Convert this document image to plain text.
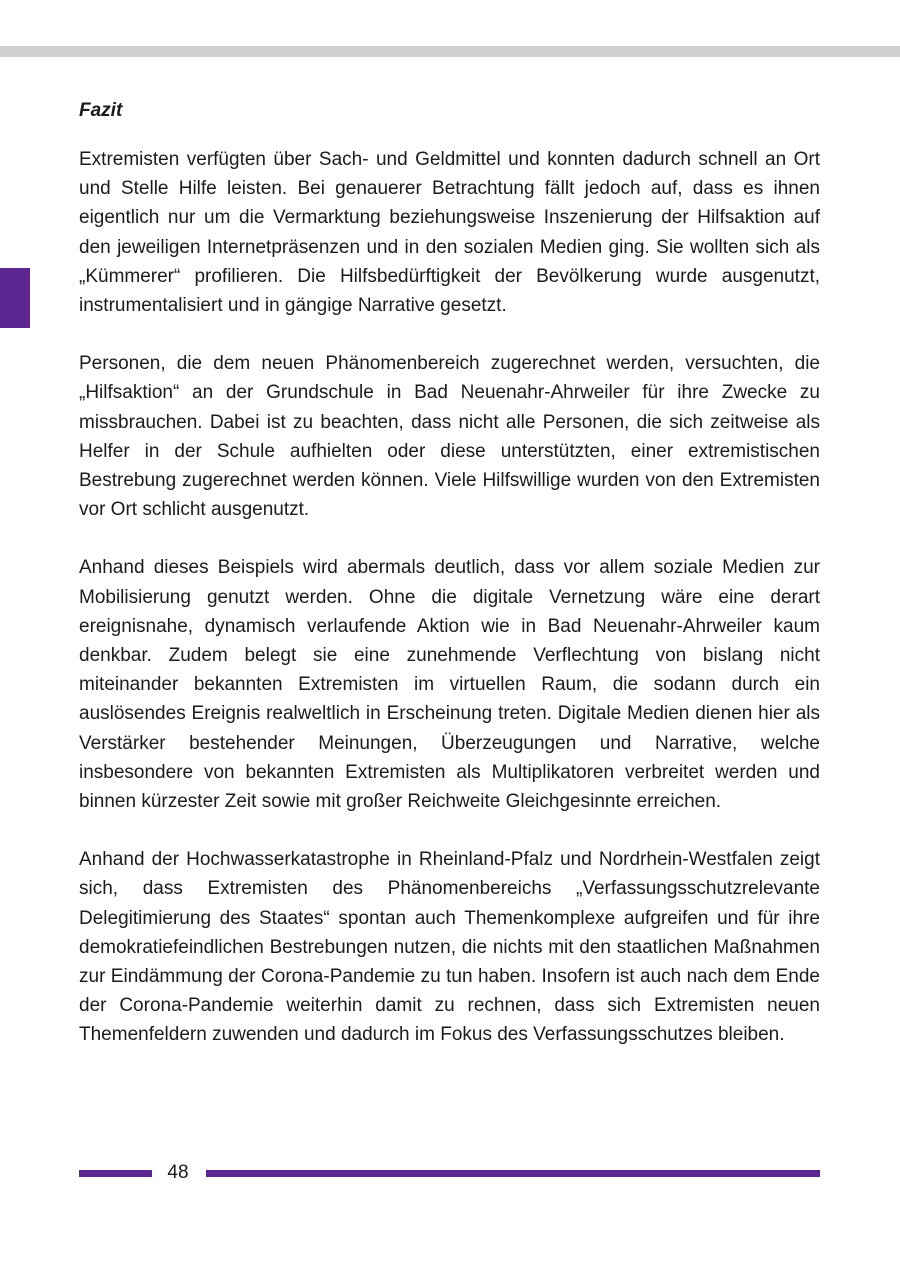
Fazit

Extremisten verfügten über Sach- und Geldmittel und konnten dadurch schnell an Ort und Stelle Hilfe leisten. Bei genauerer Betrachtung fällt jedoch auf, dass es ihnen eigentlich nur um die Vermarktung beziehungsweise Inszenierung der Hilfsaktion auf den jeweiligen Internetpräsenzen und in den sozialen Medien ging. Sie wollten sich als „Kümmerer“ profilieren. Die Hilfsbedürftigkeit der Bevölkerung wurde ausgenutzt, instrumentalisiert und in gängige Narrative gesetzt.

Personen, die dem neuen Phänomenbereich zugerechnet werden, versuchten, die „Hilfsaktion“ an der Grundschule in Bad Neuenahr-Ahrweiler für ihre Zwecke zu missbrauchen. Dabei ist zu beachten, dass nicht alle Personen, die sich zeitweise als Helfer in der Schule aufhielten oder diese unterstützten, einer extremistischen Bestrebung zugerechnet werden können. Viele Hilfswillige wurden von den Extremisten vor Ort schlicht ausgenutzt.

Anhand dieses Beispiels wird abermals deutlich, dass vor allem soziale Medien zur Mobilisierung genutzt werden. Ohne die digitale Vernetzung wäre eine derart ereignisnahe, dynamisch verlaufende Aktion wie in Bad Neuenahr-Ahrweiler kaum denkbar. Zudem belegt sie eine zunehmende Verflechtung von bislang nicht miteinander bekannten Extremisten im virtuellen Raum, die sodann durch ein auslösendes Ereignis realweltlich in Erscheinung treten. Digitale Medien dienen hier als Verstärker bestehender Meinungen, Überzeugungen und Narrative, welche insbesondere von bekannten Extremisten als Multiplikatoren verbreitet werden und binnen kürzester Zeit sowie mit großer Reichweite Gleichgesinnte erreichen.

Anhand der Hochwasserkatastrophe in Rheinland-Pfalz und Nordrhein-Westfalen zeigt sich, dass Extremisten des Phänomenbereichs „Verfassungsschutzrelevante Delegitimierung des Staates“ spontan auch Themenkomplexe aufgreifen und für ihre demokratiefeindlichen Bestrebungen nutzen, die nichts mit den staatlichen Maßnahmen zur Eindämmung der Corona-Pandemie zu tun haben. Insofern ist auch nach dem Ende der Corona-Pandemie weiterhin damit zu rechnen, dass sich Extremisten neuen Themenfeldern zuwenden und dadurch im Fokus des Verfassungsschutzes bleiben.

48
